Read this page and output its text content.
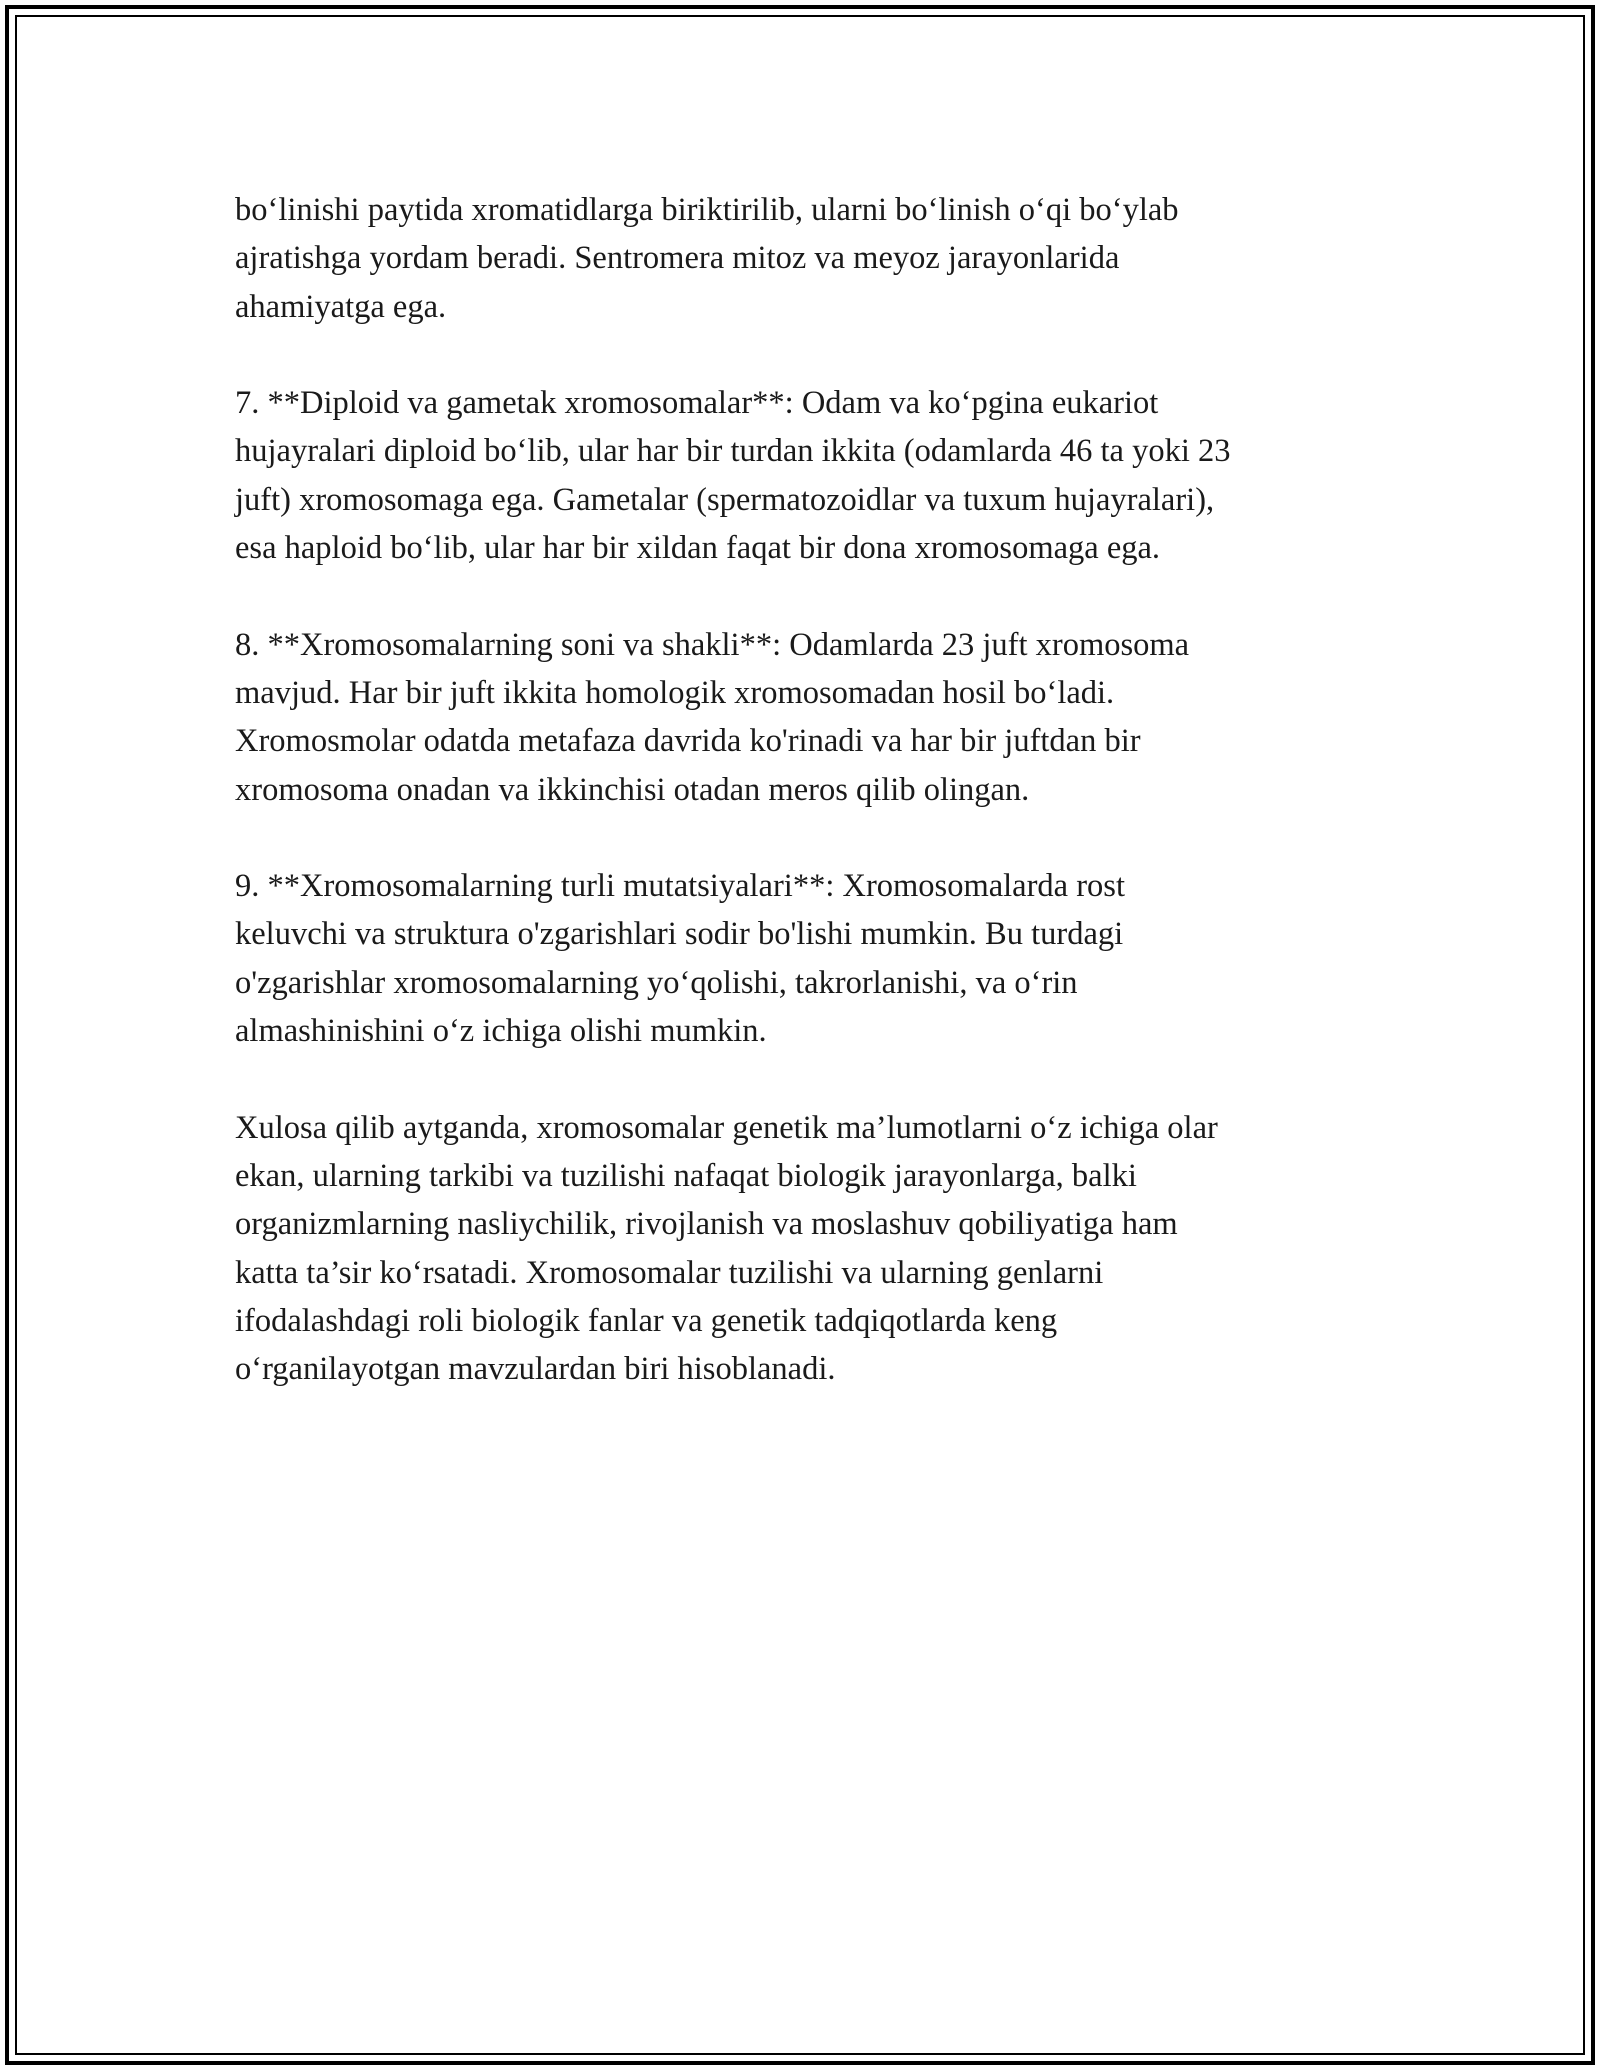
bo‘linishi paytida xromatidlarga biriktirilib, ularni bo‘linish o‘qi bo‘ylab
ajratishga yordam beradi. Sentromera mitoz va meyoz jarayonlarida
ahamiyatga ega.

7. **Diploid va gametak xromosomalar**: Odam va ko‘pgina eukariot
hujayralari diploid bo‘lib, ular har bir turdan ikkita (odamlarda 46 ta yoki 23
juft) xromosomaga ega. Gametalar (spermatozoidlar va tuxum hujayralari),
esa haploid bo‘lib, ular har bir xildan faqat bir dona xromosomaga ega.

8. **Xromosomalarning soni va shakli**: Odamlarda 23 juft xromosoma
mavjud. Har bir juft ikkita homologik xromosomadan hosil bo‘ladi.
Xromosmolar odatda metafaza davrida ko'rinadi va har bir juftdan bir
xromosoma onadan va ikkinchisi otadan meros qilib olingan.

9. **Xromosomalarning turli mutatsiyalari**: Xromosomalarda rost
keluvchi va struktura o'zgarishlari sodir bo'lishi mumkin. Bu turdagi
o'zgarishlar xromosomalarning yo‘qolishi, takrorlanishi, va o‘rin
almashinishini o‘z ichiga olishi mumkin.

Xulosa qilib aytganda, xromosomalar genetik ma’lumotlarni o‘z ichiga olar
ekan, ularning tarkibi va tuzilishi nafaqat biologik jarayonlarga, balki
organizmlarning nasliychilik, rivojlanish va moslashuv qobiliyatiga ham
katta ta’sir ko‘rsatadi. Xromosomalar tuzilishi va ularning genlarni
ifodalashdagi roli biologik fanlar va genetik tadqiqotlarda keng
o‘rganilayotgan mavzulardan biri hisoblanadi.
